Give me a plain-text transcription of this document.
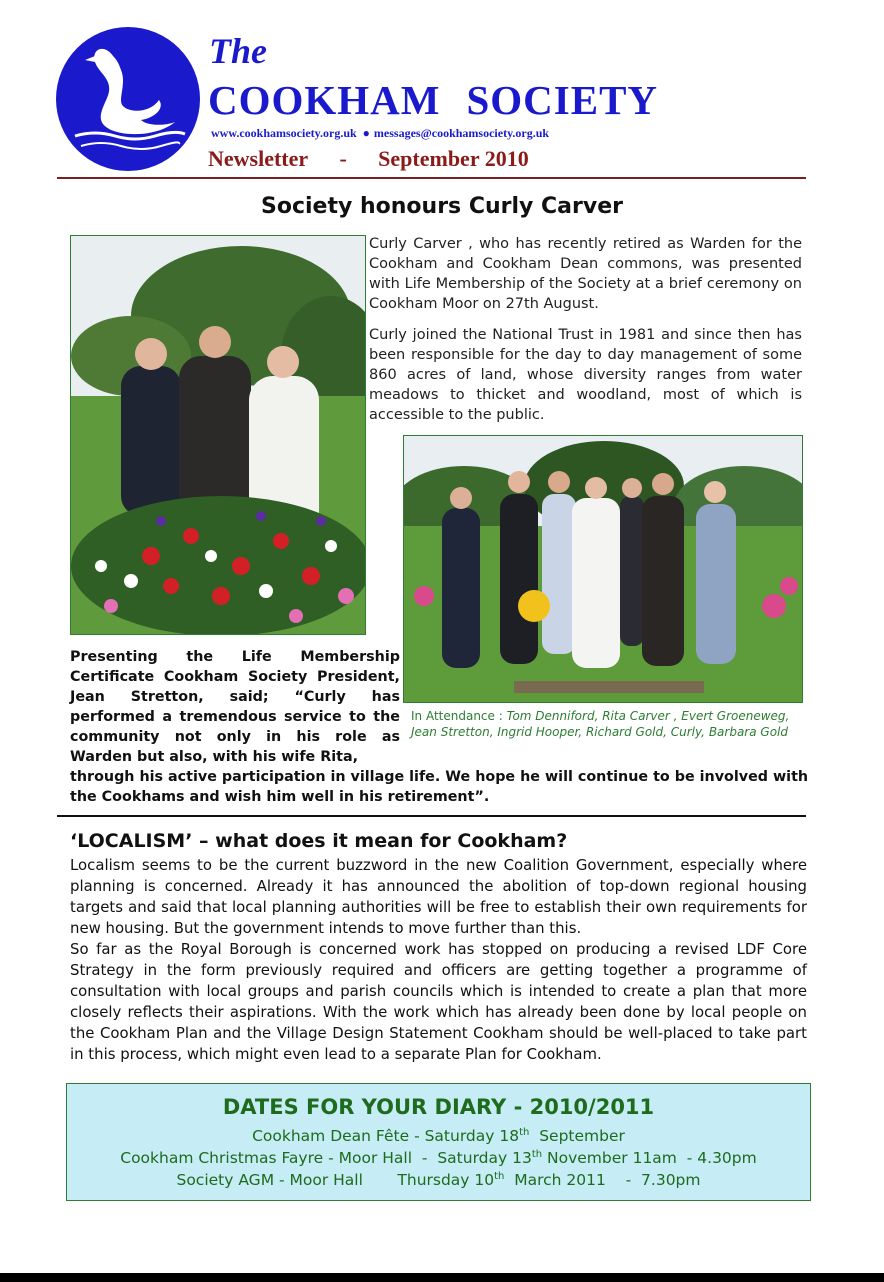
The
COOKHAM SOCIETY
www.cookhamsociety.org.uk ● messages@cookhamsociety.org.uk
Newsletter - September 2010
Society honours Curly Carver
Curly Carver , who has recently retired as Warden for the Cookham and Cookham Dean commons, was presented with Life Membership of the Society at a brief ceremony on Cookham Moor on 27th August.
Curly joined the National Trust in 1981 and since then has been responsible for the day to day management of some 860 acres of land, whose diversity ranges from water meadows to thicket and woodland, most of which is accessible to the public.
In Attendance : Tom Denniford, Rita Carver , Evert Groeneweg, Jean Stretton, Ingrid Hooper, Richard Gold, Curly, Barbara Gold
Presenting the Life Membership Certificate Cookham Society President, Jean Stretton, said; “Curly has performed a tremendous service to the community not only in his role as Warden but also, with his wife Rita,
through his active participation in village life. We hope he will continue to be involved with the Cookhams and wish him well in his retirement”.
‘LOCALISM’ – what does it mean for Cookham?

Localism seems to be the current buzzword in the new Coalition Government, especially where planning is concerned. Already it has announced the abolition of top-down regional housing targets and said that local planning authorities will be free to establish their own requirements for new housing. But the government intends to move further than this.

So far as the Royal Borough is concerned work has stopped on producing a revised LDF Core Strategy in the form previously required and officers are getting together a programme of consultation with local groups and parish councils which is intended to create a plan that more closely reflects their aspirations. With the work which has already been done by local people on the Cookham Plan and the Village Design Statement Cookham should be well-placed to take part in this process, which might even lead to a separate Plan for Cookham.

DATES FOR YOUR DIARY - 2010/2011
Cookham Dean Fête - Saturday 18th  September
Cookham Christmas Fayre - Moor Hall  -  Saturday 13th November 11am  - 4.30pm
Society AGM - Moor Hall       Thursday 10th  March 2011    -  7.30pm
